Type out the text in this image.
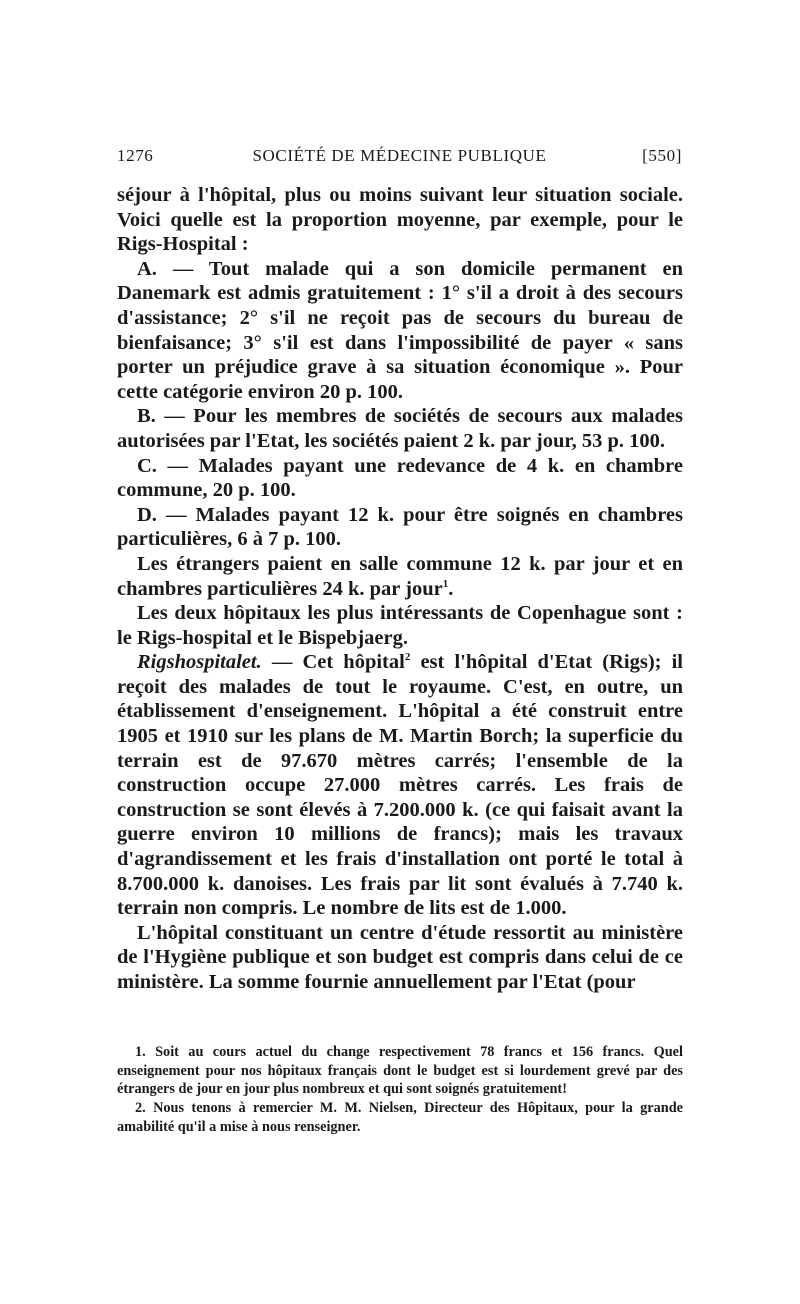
1276	SOCIÉTÉ DE MÉDECINE PUBLIQUE	[550]

séjour à l'hôpital, plus ou moins suivant leur situation sociale. Voici quelle est la proportion moyenne, par exemple, pour le Rigs-Hospital :

A. — Tout malade qui a son domicile permanent en Danemark est admis gratuitement : 1° s'il a droit à des secours d'assistance; 2° s'il ne reçoit pas de secours du bureau de bienfaisance; 3° s'il est dans l'impossibilité de payer « sans porter un préjudice grave à sa situation économique ». Pour cette catégorie environ 20 p. 100.

B. — Pour les membres de sociétés de secours aux malades autorisées par l'Etat, les sociétés paient 2 k. par jour, 53 p. 100.

C. — Malades payant une redevance de 4 k. en chambre commune, 20 p. 100.

D. — Malades payant 12 k. pour être soignés en chambres particulières, 6 à 7 p. 100.

Les étrangers paient en salle commune 12 k. par jour et en chambres particulières 24 k. par jour$^1$.

Les deux hôpitaux les plus intéressants de Copenhague sont : le Rigs-hospital et le Bispebjaerg.

Rigshospitalet. — Cet hôpital$^2$ est l'hôpital d'Etat (Rigs); il reçoit des malades de tout le royaume. C'est, en outre, un établissement d'enseignement. L'hôpital a été construit entre 1905 et 1910 sur les plans de M. Martin Borch; la superficie du terrain est de 97.670 mètres carrés; l'ensemble de la construction occupe 27.000 mètres carrés. Les frais de construction se sont élevés à 7.200.000 k. (ce qui faisait avant la guerre environ 10 millions de francs); mais les travaux d'agrandissement et les frais d'installation ont porté le total à 8.700.000 k. danoises. Les frais par lit sont évalués à 7.740 k. terrain non compris. Le nombre de lits est de 1.000.

L'hôpital constituant un centre d'étude ressortit au ministère de l'Hygiène publique et son budget est compris dans celui de ce ministère. La somme fournie annuellement par l'Etat (pour

1. Soit au cours actuel du change respectivement 78 francs et 156 francs. Quel enseignement pour nos hôpitaux français dont le budget est si lourdement grevé par des étrangers de jour en jour plus nombreux et qui sont soignés gratuitement!

2. Nous tenons à remercier M. M. Nielsen, Directeur des Hôpitaux, pour la grande amabilité qu'il a mise à nous renseigner.
